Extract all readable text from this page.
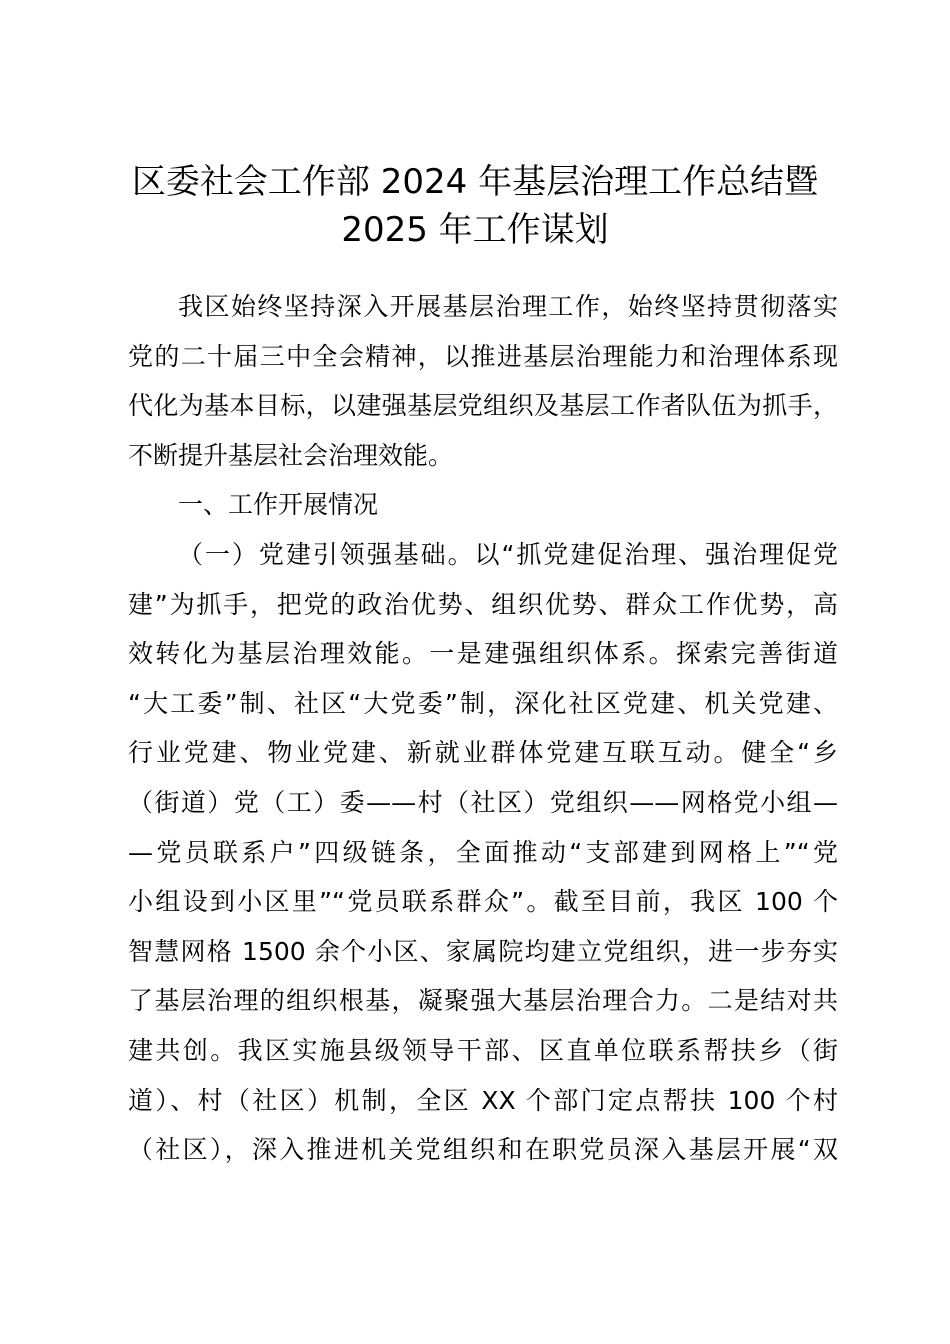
区委社会工作部 2024 年基层治理工作总结暨
2025 年工作谋划
我区始终坚持深入开展基层治理工作，始终坚持贯彻落实
党的二十届三中全会精神，以推进基层治理能力和治理体系现
代化为基本目标，以建强基层党组织及基层工作者队伍为抓手，
不断提升基层社会治理效能。
一、工作开展情况
（一）党建引领强基础。以“抓党建促治理、强治理促党
建”为抓手，把党的政治优势、组织优势、群众工作优势，高
效转化为基层治理效能。一是建强组织体系。探索完善街道
“大工委”制、社区“大党委”制，深化社区党建、机关党建、
行业党建、物业党建、新就业群体党建互联互动。健全“乡
（街道）党（工）委——村（社区）党组织——网格党小组—
—党员联系户”四级链条，全面推动“支部建到网格上”“党
小组设到小区里”“党员联系群众”。截至目前，我区 100 个
智慧网格 1500 余个小区、家属院均建立党组织，进一步夯实
了基层治理的组织根基，凝聚强大基层治理合力。二是结对共
建共创。我区实施县级领导干部、区直单位联系帮扶乡（街
道）、村（社区）机制，全区 XX 个部门定点帮扶 100 个村
（社区），深入推进机关党组织和在职党员深入基层开展“双
